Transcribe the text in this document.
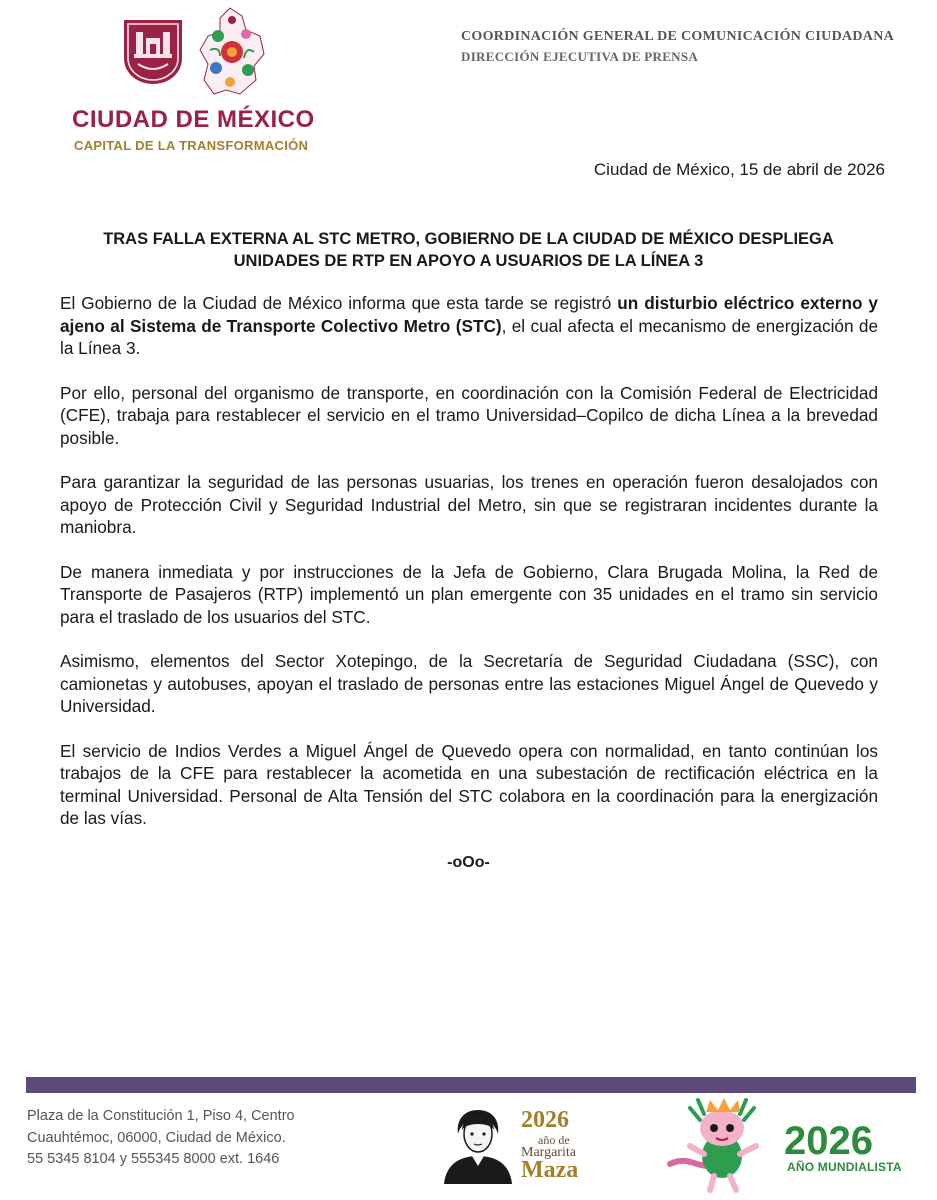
CIUDAD DE MÉXICO
CAPITAL DE LA TRANSFORMACIÓN
COORDINACIÓN GENERAL DE COMUNICACIÓN CIUDADANA
DIRECCIÓN EJECUTIVA DE PRENSA
Ciudad de México, 15 de abril de 2026
TRAS FALLA EXTERNA AL STC METRO, GOBIERNO DE LA CIUDAD DE MÉXICO DESPLIEGA
UNIDADES DE RTP EN APOYO A USUARIOS DE LA LÍNEA 3

El Gobierno de la Ciudad de México informa que esta tarde se registró un disturbio eléctrico externo y ajeno al Sistema de Transporte Colectivo Metro (STC), el cual afecta el mecanismo de energización de la Línea 3.

Por ello, personal del organismo de transporte, en coordinación con la Comisión Federal de Electricidad (CFE), trabaja para restablecer el servicio en el tramo Universidad–Copilco de dicha Línea a la brevedad posible.

Para garantizar la seguridad de las personas usuarias, los trenes en operación fueron desalojados con apoyo de Protección Civil y Seguridad Industrial del Metro, sin que se registraran incidentes durante la maniobra.

De manera inmediata y por instrucciones de la Jefa de Gobierno, Clara Brugada Molina, la Red de Transporte de Pasajeros (RTP) implementó un plan emergente con 35 unidades en el tramo sin servicio para el traslado de los usuarios del STC.

Asimismo, elementos del Sector Xotepingo, de la Secretaría de Seguridad Ciudadana (SSC), con camionetas y autobuses, apoyan el traslado de personas entre las estaciones Miguel Ángel de Quevedo y Universidad.

El servicio de Indios Verdes a Miguel Ángel de Quevedo opera con normalidad, en tanto continúan los trabajos de la CFE para restablecer la acometida en una subestación de rectificación eléctrica en la terminal Universidad. Personal de Alta Tensión del STC colabora en la coordinación para la energización de las vías.

-oOo-

Plaza de la Constitución 1, Piso 4, Centro
Cuauhtémoc, 06000, Ciudad de México.
55 5345 8104 y 555345 8000 ext. 1646
2026
año de
Margarita
Maza
2026
AÑO MUNDIALISTA
